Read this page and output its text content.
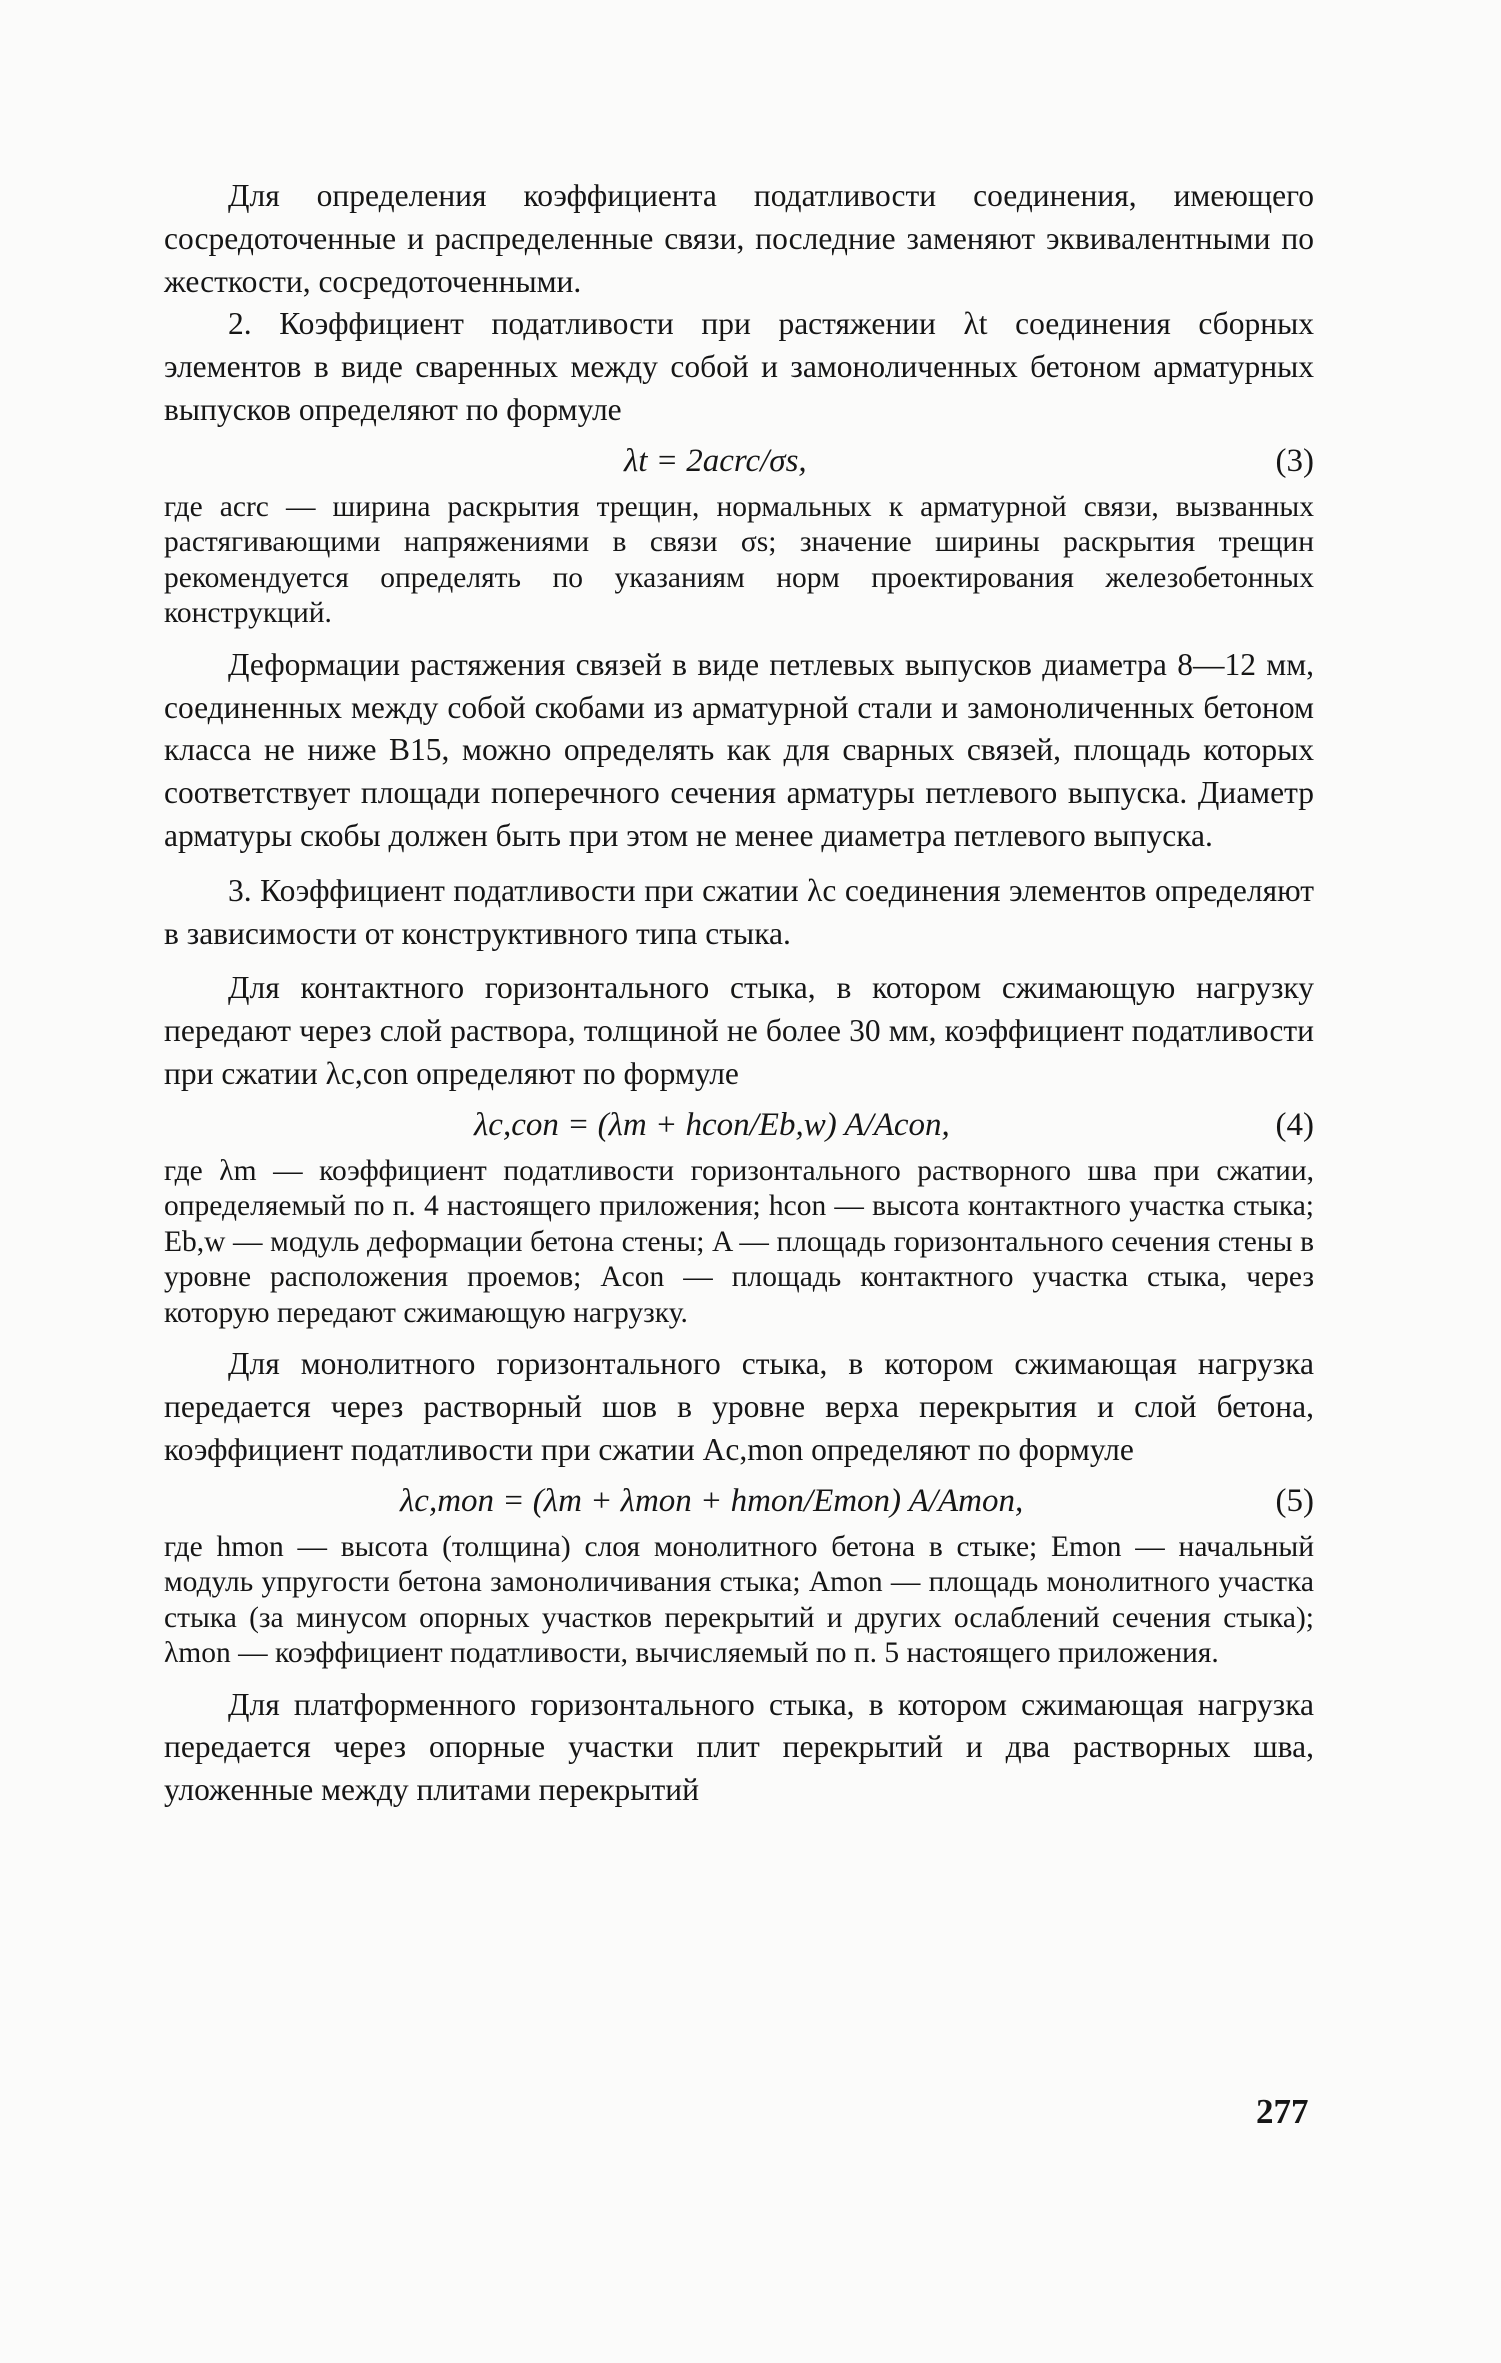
Для определения коэффициента податливости соединения, имеющего сосредоточенные и распределенные связи, последние заменяют эквивалентными по жесткости, сосредоточенными.

2. Коэффициент податливости при растяжении λt соединения сборных элементов в виде сваренных между собой и замоноличенных бетоном арматурных выпусков определяют по формуле

λt = 2acrc/σs,	(3)

где acrc — ширина раскрытия трещин, нормальных к арматурной связи, вызванных растягивающими напряжениями в связи σs; значение ширины раскрытия трещин рекомендуется определять по указаниям норм проектирования железобетонных конструкций.

Деформации растяжения связей в виде петлевых выпусков диаметра 8—12 мм, соединенных между собой скобами из арматурной стали и замоноличенных бетоном класса не ниже В15, можно определять как для сварных связей, площадь которых соответствует площади поперечного сечения арматуры петлевого выпуска. Диаметр арматуры скобы должен быть при этом не менее диаметра петлевого выпуска.

3. Коэффициент податливости при сжатии λc соединения элементов определяют в зависимости от конструктивного типа стыка.

Для контактного горизонтального стыка, в котором сжимающую нагрузку передают через слой раствора, толщиной не более 30 мм, коэффициент податливости при сжатии λc,con определяют по формуле

λc,con = (λm + hcon/Eb,w) A/Acon,	(4)

где λm — коэффициент податливости горизонтального растворного шва при сжатии, определяемый по п. 4 настоящего приложения; hcon — высота контактного участка стыка; Eb,w — модуль деформации бетона стены; A — площадь горизонтального сечения стены в уровне расположения проемов; Acon — площадь контактного участка стыка, через которую передают сжимающую нагрузку.

Для монолитного горизонтального стыка, в котором сжимающая нагрузка передается через растворный шов в уровне верха перекрытия и слой бетона, коэффициент податливости при сжатии Ac,mon определяют по формуле

λc,mon = (λm + λmon + hmon/Emon) A/Amon,	(5)

где hmon — высота (толщина) слоя монолитного бетона в стыке; Emon — начальный модуль упругости бетона замоноличивания стыка; Amon — площадь монолитного участка стыка (за минусом опорных участков перекрытий и других ослаблений сечения стыка); λmon — коэффициент податливости, вычисляемый по п. 5 настоящего приложения.

Для платформенного горизонтального стыка, в котором сжимающая нагрузка передается через опорные участки плит перекрытий и два растворных шва, уложенные между плитами перекрытий

277
